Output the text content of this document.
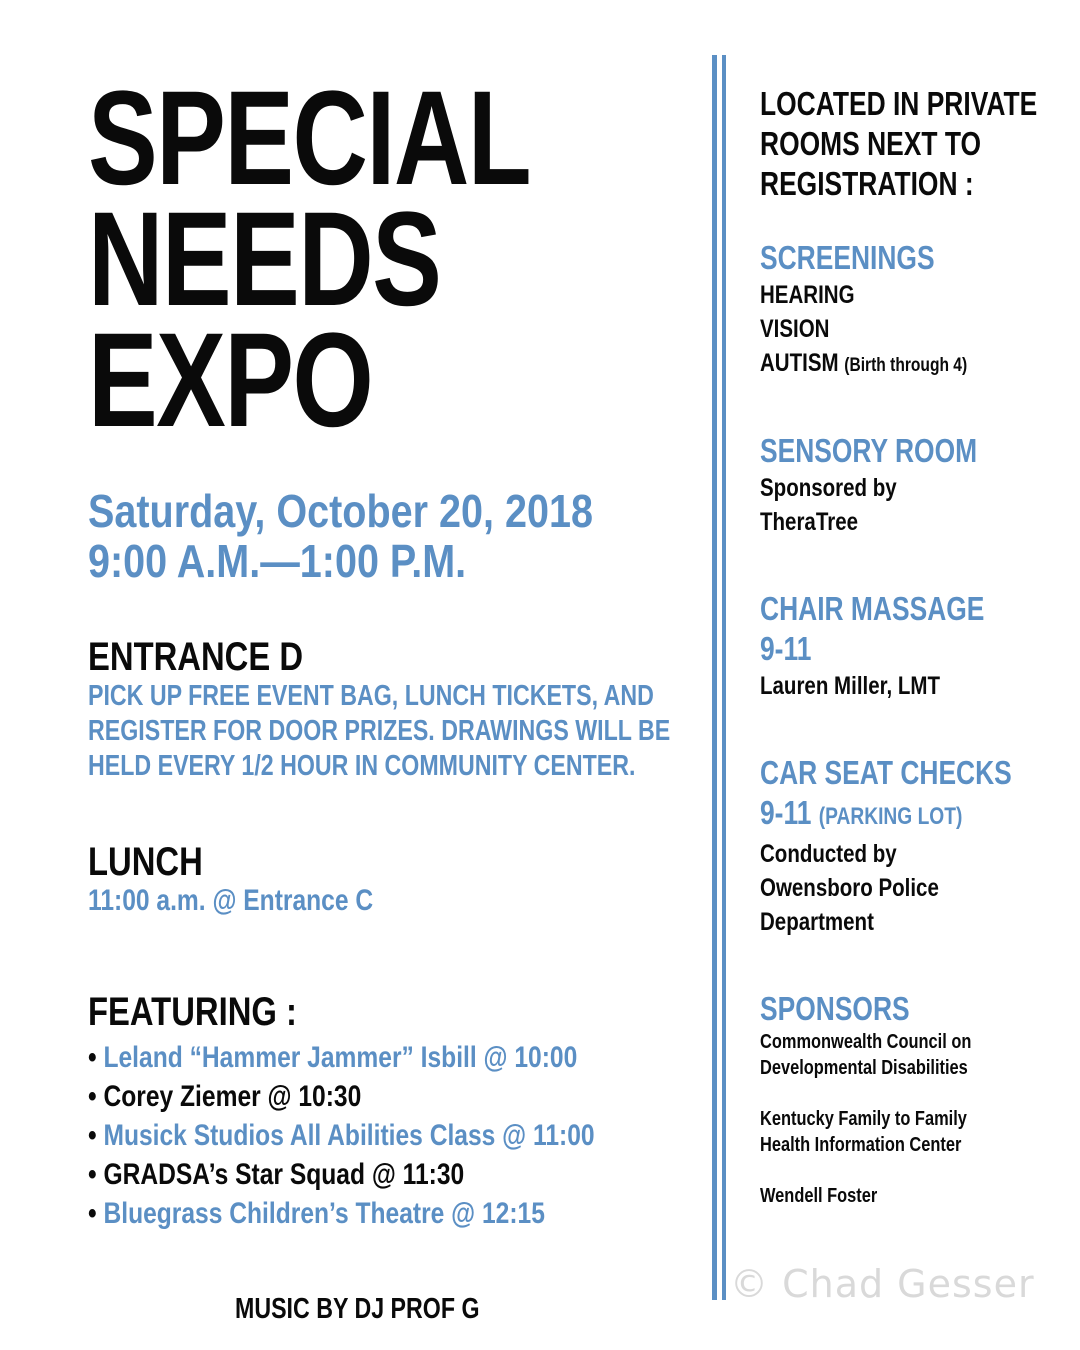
SPECIAL
NEEDS
EXPO
Saturday, October 20, 2018
9:00 A.M.—1:00 P.M.
ENTRANCE D
PICK UP FREE EVENT BAG, LUNCH TICKETS, AND
REGISTER FOR DOOR PRIZES. DRAWINGS WILL BE
HELD EVERY 1/2 HOUR IN COMMUNITY CENTER.
LUNCH
11:00 a.m. @ Entrance C
FEATURING :
• Leland “Hammer Jammer” Isbill @ 10:00
• Corey Ziemer @ 10:30
• Musick Studios All Abilities Class @ 11:00
• GRADSA’s Star Squad @ 11:30
• Bluegrass Children’s Theatre @ 12:15
MUSIC BY DJ PROF G
LOCATED IN PRIVATE
ROOMS NEXT TO
REGISTRATION :
SCREENINGS
HEARING
VISION
AUTISM (Birth through 4)
SENSORY ROOM
Sponsored by
TheraTree
CHAIR MASSAGE
9-11
Lauren Miller, LMT
CAR SEAT CHECKS
9-11 (PARKING LOT)
Conducted by
Owensboro Police
Department
SPONSORS
Commonwealth Council on
Developmental Disabilities
Kentucky Family to Family
Health Information Center
Wendell Foster
© Chad Gesser
